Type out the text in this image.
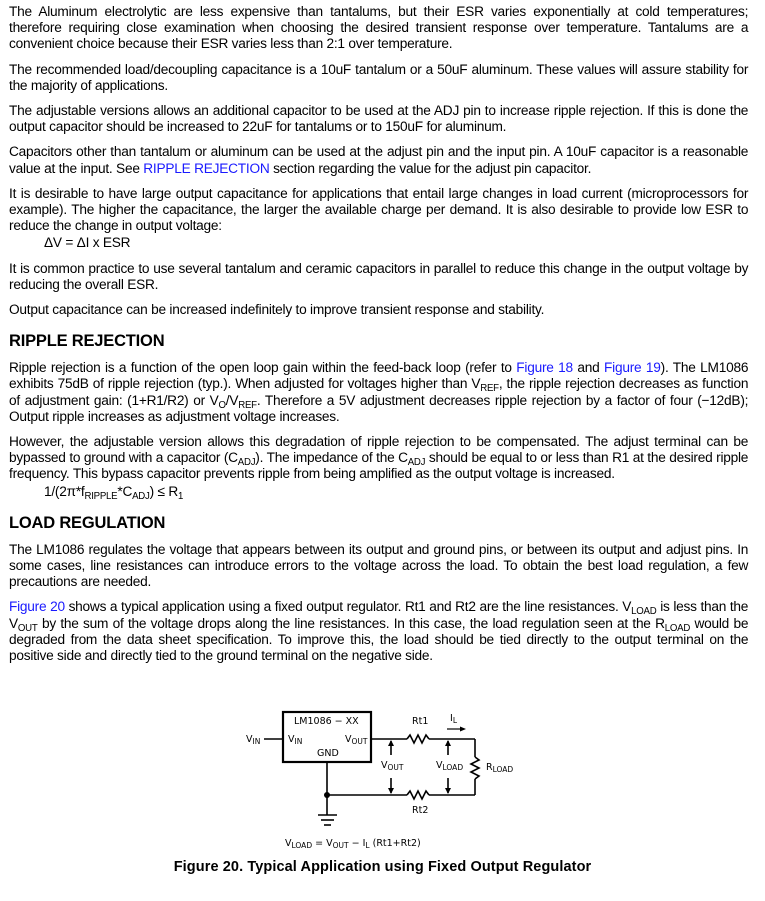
The Aluminum electrolytic are less expensive than tantalums, but their ESR varies exponentially at cold temperatures; therefore requiring close examination when choosing the desired transient response over temperature. Tantalums are a convenient choice because their ESR varies less than 2:1 over temperature.

The recommended load/decoupling capacitance is a 10uF tantalum or a 50uF aluminum. These values will assure stability for the majority of applications.

The adjustable versions allows an additional capacitor to be used at the ADJ pin to increase ripple rejection. If this is done the output capacitor should be increased to 22uF for tantalums or to 150uF for aluminum.

Capacitors other than tantalum or aluminum can be used at the adjust pin and the input pin. A 10uF capacitor is a reasonable value at the input. See RIPPLE REJECTION section regarding the value for the adjust pin capacitor.

It is desirable to have large output capacitance for applications that entail large changes in load current (microprocessors for example). The higher the capacitance, the larger the available charge per demand. It is also desirable to provide low ESR to reduce the change in output voltage:

ΔV = ΔI x ESR

It is common practice to use several tantalum and ceramic capacitors in parallel to reduce this change in the output voltage by reducing the overall ESR.

Output capacitance can be increased indefinitely to improve transient response and stability.

RIPPLE REJECTION

Ripple rejection is a function of the open loop gain within the feed-back loop (refer to Figure 18 and Figure 19). The LM1086 exhibits 75dB of ripple rejection (typ.). When adjusted for voltages higher than $V_{REF}$, the ripple rejection decreases as function of adjustment gain: (1+R1/R2) or $V_O/V_{REF}$. Therefore a 5V adjustment decreases ripple rejection by a factor of four (−12dB); Output ripple increases as adjustment voltage increases.

However, the adjustable version allows this degradation of ripple rejection to be compensated. The adjust terminal can be bypassed to ground with a capacitor $(C_{ADJ})$. The impedance of the $C_{ADJ}$ should be equal to or less than R1 at the desired ripple frequency. This bypass capacitor prevents ripple from being amplified as the output voltage is increased.

$1/(2\pi*f_{RIPPLE}*C_{ADJ}) \le R_1$

LOAD REGULATION

The LM1086 regulates the voltage that appears between its output and ground pins, or between its output and adjust pins. In some cases, line resistances can introduce errors to the voltage across the load. To obtain the best load regulation, a few precautions are needed.

Figure 20 shows a typical application using a fixed output regulator. Rt1 and Rt2 are the line resistances. $V_{LOAD}$ is less than the $V_{OUT}$ by the sum of the voltage drops along the line resistances. In this case, the load regulation seen at the $R_{LOAD}$ would be degraded from the data sheet specification. To improve this, the load should be tied directly to the output terminal on the positive side and directly tied to the ground terminal on the negative side.

LM1086 − XX
$V_{IN}$	$V_{IN}$	$V_{OUT}$
GND
Rt1
Rt2
$I_L$
$V_{OUT}$	$V_{LOAD}$ $R_{LOAD}$
$V_{LOAD} = V_{OUT} - I_L$ (Rt1+Rt2)
Figure 20. Typical Application using Fixed Output Regulator
